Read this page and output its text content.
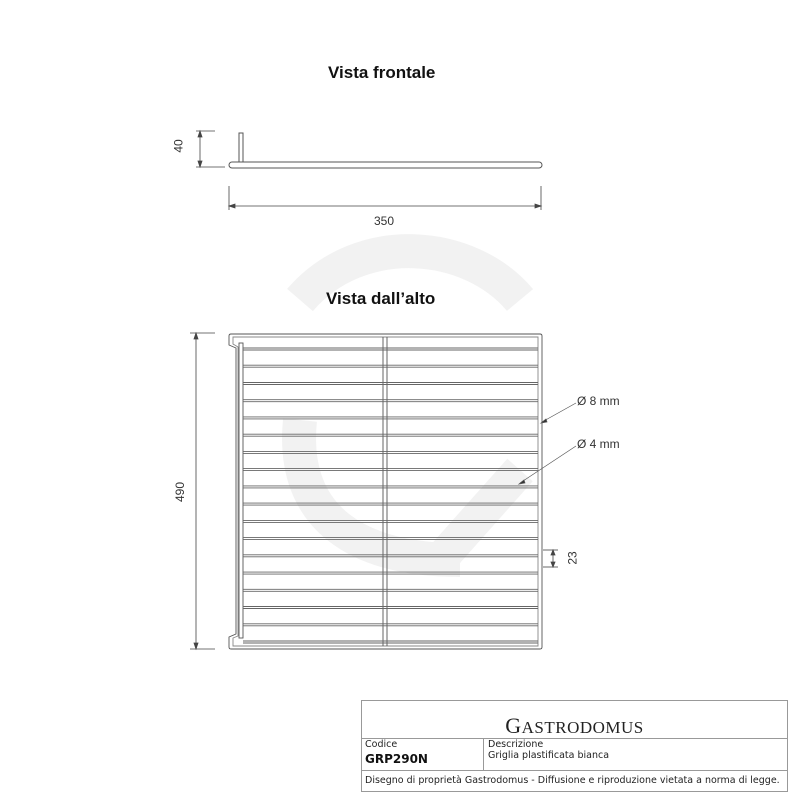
Vista frontale
40
350
Vista dall’alto
490
Ø 8 mm
Ø 4 mm
23
GASTRODOMUS
Codice
GRP290N
Descrizione
Griglia plastificata bianca
Disegno di proprietà Gastrodomus - Diffusione e riproduzione vietata a norma di legge.
